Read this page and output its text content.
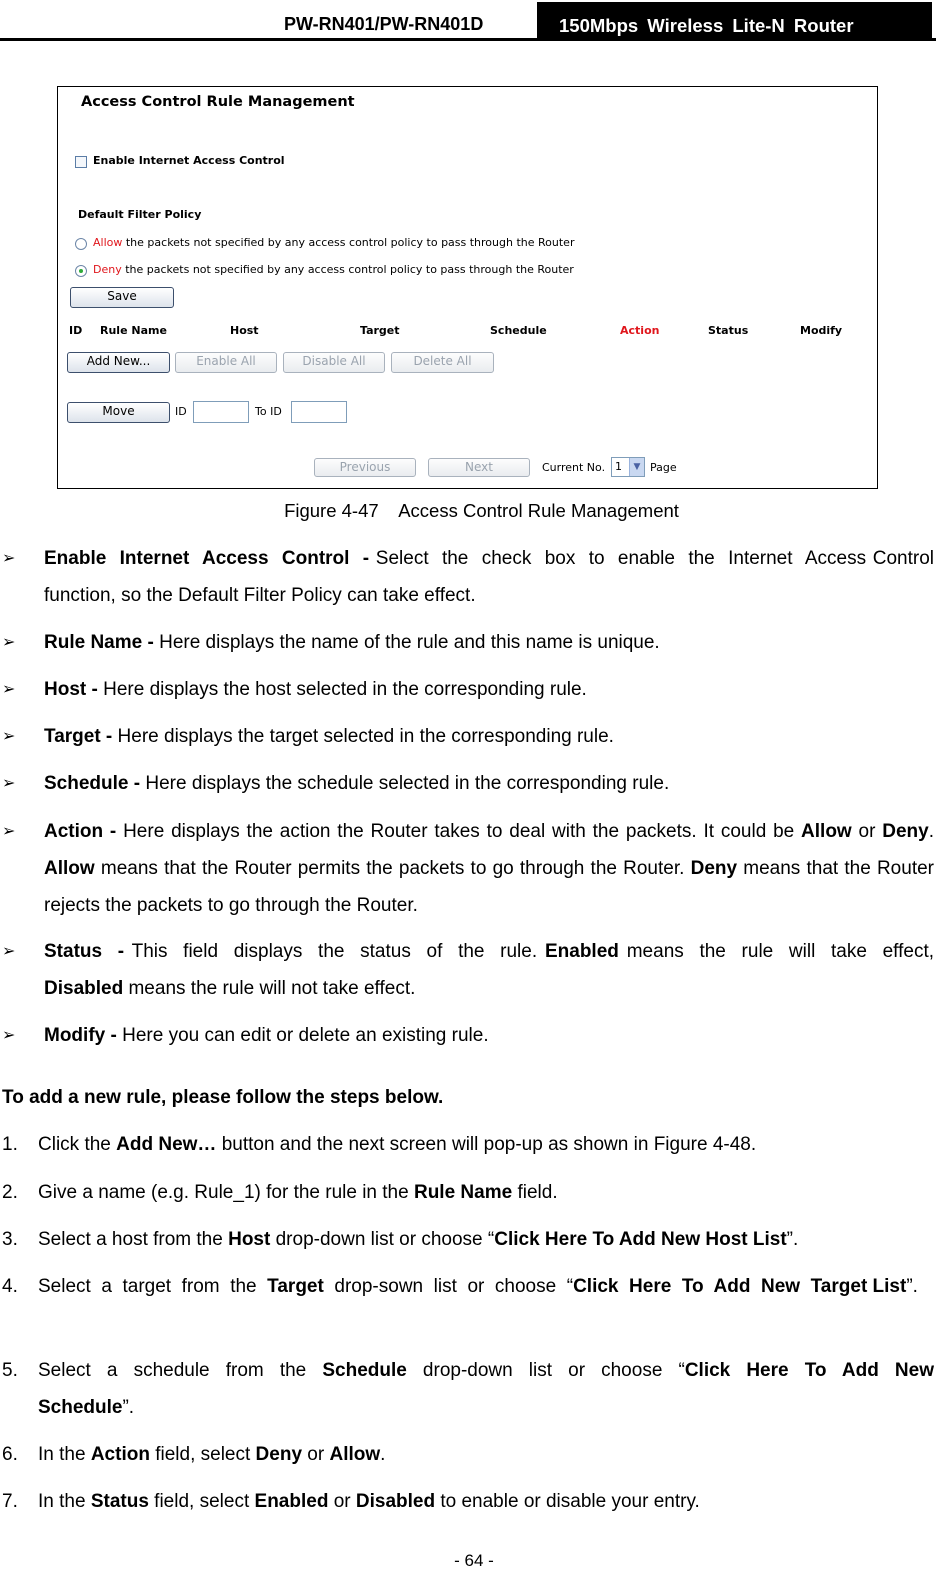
PW-RN401/PW-RN401D	150Mbps Wireless Lite-N Router
Access Control Rule Management
Enable Internet Access Control
Default Filter Policy
Allow the packets not specified by any access control policy to pass through the Router
Deny the packets not specified by any access control policy to pass through the Router
Save
ID Rule Name	Host	Target	Schedule	Action	Status	Modify
Add New...	Enable All	Disable All	Delete All
Move	ID	To ID
Previous	Next	Current No. 1	▼ Page
Figure 4-47    Access Control Rule Management
➢ Enable  Internet  Access  Control  - Select  the  check  box  to  enable  the  Internet  Access Control function, so the Default Filter Policy can take effect.
➢ Rule Name - Here displays the name of the rule and this name is unique.
➢ Host - Here displays the host selected in the corresponding rule.
➢ Target - Here displays the target selected in the corresponding rule.
➢ Schedule - Here displays the schedule selected in the corresponding rule.
➢ Action - Here displays the action the Router takes to deal with the packets. It could be Allow or Deny. Allow means that the Router permits the packets to go through the Router. Deny means that the Router rejects the packets to go through the Router.
➢ Status  - This  field  displays  the  status  of  the  rule. Enabled means  the  rule  will  take  effect, Disabled means the rule will not take effect.
➢ Modify - Here you can edit or delete an existing rule.
To add a new rule, please follow the steps below.
1. Click the Add New… button and the next screen will pop-up as shown in Figure 4-48.
2. Give a name (e.g. Rule_1) for the rule in the Rule Name field.
3. Select a host from the Host drop-down list or choose “Click Here To Add New Host List”.
4. Select  a  target  from  the  Target  drop-sown  list  or  choose  “Click  Here  To  Add  New  Target List”.
5. Select  a  schedule  from  the  Schedule  drop-down  list  or  choose  “Click  Here  To  Add  New Schedule”.
6. In the Action field, select Deny or Allow.
7. In the Status field, select Enabled or Disabled to enable or disable your entry.
- 64 -
